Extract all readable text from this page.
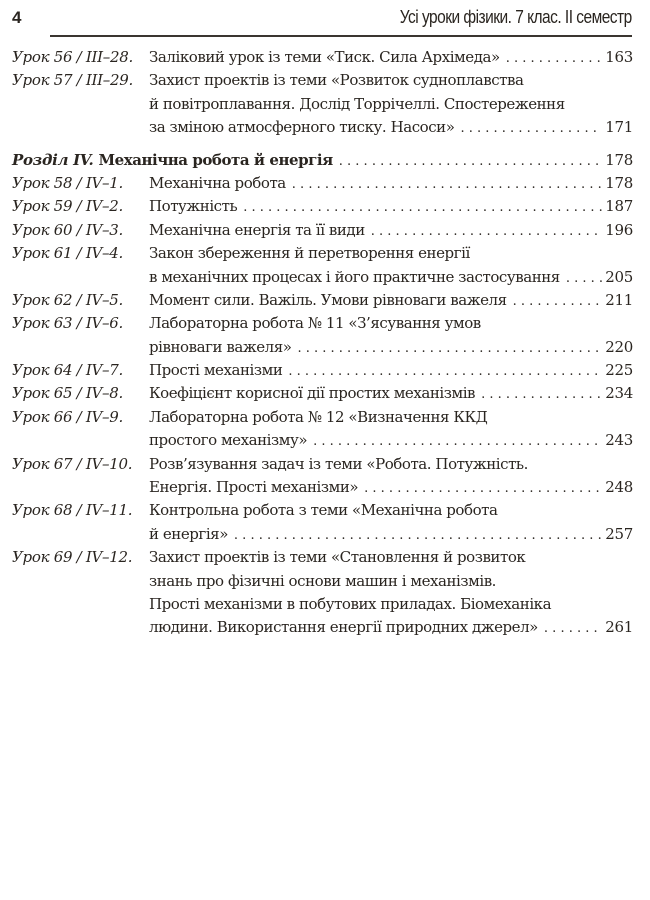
4	Усі уроки фізики. 7 клас. ІІ семестр
Урок 56 / ІІІ–28.	Заліковий урок із теми «Тиск. Сила Архімеда» . . .	163
Урок 57 / ІІІ–29.	Захист проектів із теми «Розвиток судноплавства
й повітроплавання. Дослід Торрічеллі. Спостереження
за зміною атмосферного тиску. Насоси» . . .	171
Розділ IV. Механічна робота й енергія . . .	178
Урок 58 / IV–1.	Механічна робота . . .	178
Урок 59 / IV–2.	Потужність . . .	187
Урок 60 / IV–3.	Механічна енергія та її види . . .	196
Урок 61 / IV–4.	Закон збереження й перетворення енергії
в механічних процесах і його практичне застосування . . .	205
Урок 62 / IV–5.	Момент сили. Важіль. Умови рівноваги важеля . . .	211
Урок 63 / IV–6.	Лабораторна робота № 11 «З’ясування умов
рівноваги важеля» . . .	220
Урок 64 / IV–7.	Прості механізми . . .	225
Урок 65 / IV–8.	Коефіцієнт корисної дії простих механізмів . . .	234
Урок 66 / IV–9.	Лабораторна робота № 12 «Визначення ККД
простого механізму» . . .	243
Урок 67 / IV–10.	Розв’язування задач із теми «Робота. Потужність.
Енергія. Прості механізми» . . .	248
Урок 68 / IV–11.	Контрольна робота з теми «Механічна робота
й енергія» . . .	257
Урок 69 / IV–12.	Захист проектів із теми «Становлення й розвиток
знань про фізичні основи машин і механізмів.
Прості механізми в побутових приладах. Біомеханіка
людини. Використання енергії природних джерел» . . .	261
